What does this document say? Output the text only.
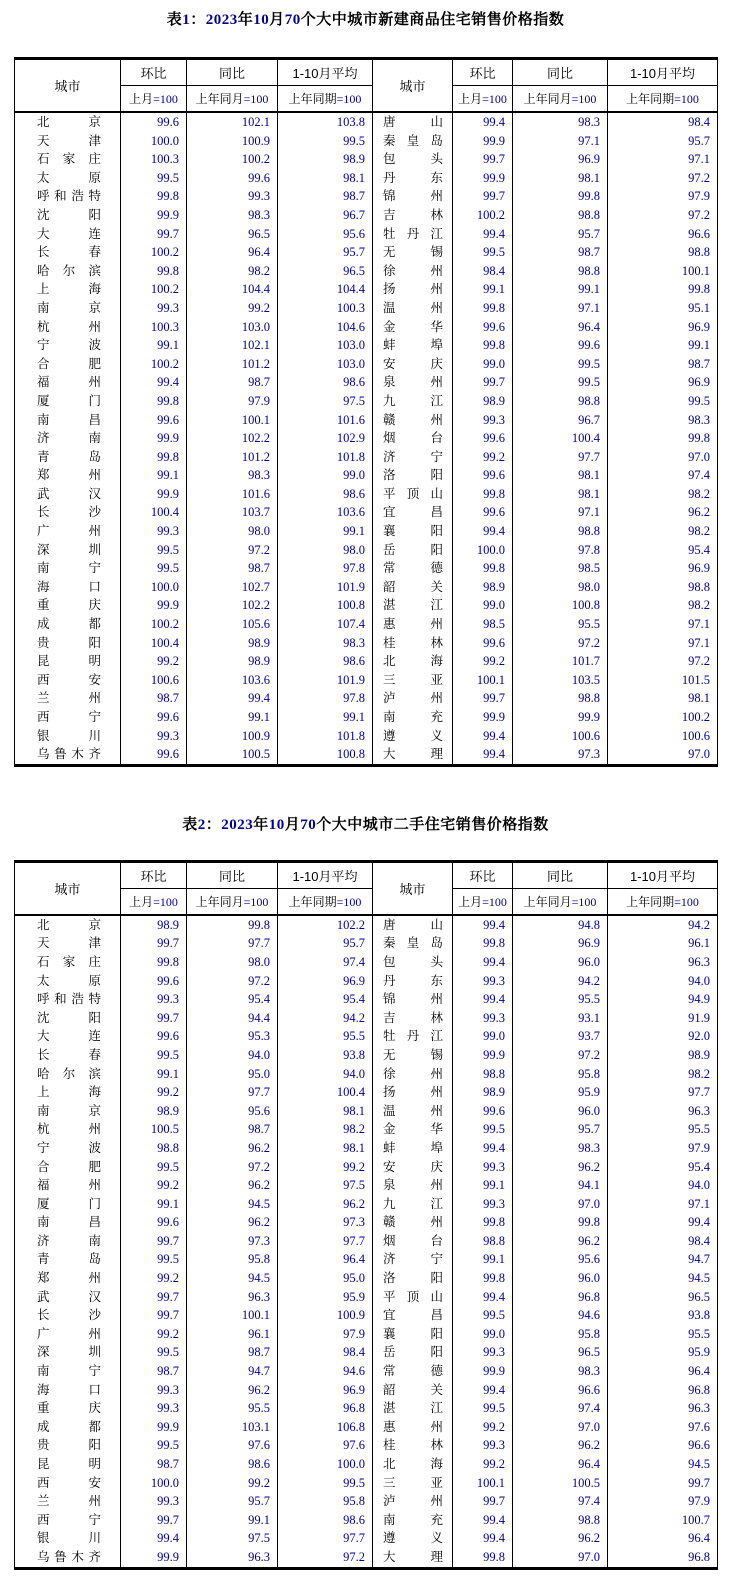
表1：2023年10月70个大中城市新建商品住宅销售价格指数
城市	环比	同比	1-10月平均	城市	环比	同比	1-10月平均
	上月=100	上年同月=100	上年同期=100		上月=100	上年同月=100	上年同期=100
北京	99.6	102.1	103.8	唐山	99.4	98.3	98.4
天津	100.0	100.9	99.5	秦皇岛	99.9	97.1	95.7
石家庄	100.3	100.2	98.9	包头	99.7	96.9	97.1
太原	99.5	99.6	98.1	丹东	99.9	98.1	97.2
呼和浩特	99.8	99.3	98.7	锦州	99.7	99.8	97.9
沈阳	99.9	98.3	96.7	吉林	100.2	98.8	97.2
大连	99.7	96.5	95.6	牡丹江	99.4	95.7	96.6
长春	100.2	96.4	95.7	无锡	99.5	98.7	98.8
哈尔滨	99.8	98.2	96.5	徐州	98.4	98.8	100.1
上海	100.2	104.4	104.4	扬州	99.1	99.1	99.8
南京	99.3	99.2	100.3	温州	99.8	97.1	95.1
杭州	100.3	103.0	104.6	金华	99.6	96.4	96.9
宁波	99.1	102.1	103.0	蚌埠	99.8	99.6	99.1
合肥	100.2	101.2	103.0	安庆	99.0	99.5	98.7
福州	99.4	98.7	98.6	泉州	99.7	99.5	96.9
厦门	99.8	97.9	97.5	九江	98.9	98.8	99.5
南昌	99.6	100.1	101.6	赣州	99.3	96.7	98.3
济南	99.9	102.2	102.9	烟台	99.6	100.4	99.8
青岛	99.8	101.2	101.8	济宁	99.2	97.7	97.0
郑州	99.1	98.3	99.0	洛阳	99.6	98.1	97.4
武汉	99.9	101.6	98.6	平顶山	99.8	98.1	98.2
长沙	100.4	103.7	103.6	宜昌	99.6	97.1	96.2
广州	99.3	98.0	99.1	襄阳	99.4	98.8	98.2
深圳	99.5	97.2	98.0	岳阳	100.0	97.8	95.4
南宁	99.5	98.7	97.8	常德	99.8	98.5	96.9
海口	100.0	102.7	101.9	韶关	98.9	98.0	98.8
重庆	99.9	102.2	100.8	湛江	99.0	100.8	98.2
成都	100.2	105.6	107.4	惠州	98.5	95.5	97.1
贵阳	100.4	98.9	98.3	桂林	99.6	97.2	97.1
昆明	99.2	98.9	98.6	北海	99.2	101.7	97.2
西安	100.6	103.6	101.9	三亚	100.1	103.5	101.5
兰州	98.7	99.4	97.8	泸州	99.7	98.8	98.1
西宁	99.6	99.1	99.1	南充	99.9	99.9	100.2
银川	99.3	100.9	101.8	遵义	99.4	100.6	100.6
乌鲁木齐	99.6	100.5	100.8	大理	99.4	97.3	97.0
表2：2023年10月70个大中城市二手住宅销售价格指数
城市	环比	同比	1-10月平均	城市	环比	同比	1-10月平均
	上月=100	上年同月=100	上年同期=100		上月=100	上年同月=100	上年同期=100
北京	98.9	99.8	102.2	唐山	99.4	94.8	94.2
天津	99.7	97.7	95.7	秦皇岛	99.8	96.9	96.1
石家庄	99.8	98.0	97.4	包头	99.4	96.0	96.3
太原	99.6	97.2	96.9	丹东	99.3	94.2	94.0
呼和浩特	99.3	95.4	95.4	锦州	99.4	95.5	94.9
沈阳	99.7	94.4	94.2	吉林	99.3	93.1	91.9
大连	99.6	95.3	95.5	牡丹江	99.0	93.7	92.0
长春	99.5	94.0	93.8	无锡	99.9	97.2	98.9
哈尔滨	99.1	95.0	94.0	徐州	98.8	95.8	98.2
上海	99.2	97.7	100.4	扬州	98.9	95.9	97.7
南京	98.9	95.6	98.1	温州	99.6	96.0	96.3
杭州	100.5	98.7	98.2	金华	99.5	95.7	95.5
宁波	98.8	96.2	98.1	蚌埠	99.4	98.3	97.9
合肥	99.5	97.2	99.2	安庆	99.3	96.2	95.4
福州	99.2	96.2	97.5	泉州	99.1	94.1	94.0
厦门	99.1	94.5	96.2	九江	99.3	97.0	97.1
南昌	99.6	96.2	97.3	赣州	99.8	99.8	99.4
济南	99.7	97.3	97.7	烟台	98.8	96.2	98.4
青岛	99.5	95.8	96.4	济宁	99.1	95.6	94.7
郑州	99.2	94.5	95.0	洛阳	99.8	96.0	94.5
武汉	99.7	96.3	95.9	平顶山	99.4	96.8	96.5
长沙	99.7	100.1	100.9	宜昌	99.5	94.6	93.8
广州	99.2	96.1	97.9	襄阳	99.0	95.8	95.5
深圳	99.5	98.7	98.4	岳阳	99.3	96.5	95.9
南宁	98.7	94.7	94.6	常德	99.9	98.3	96.4
海口	99.3	96.2	96.9	韶关	99.4	96.6	96.8
重庆	99.3	95.5	96.8	湛江	99.5	97.4	96.3
成都	99.9	103.1	106.8	惠州	99.2	97.0	97.6
贵阳	99.5	97.6	97.6	桂林	99.3	96.2	96.6
昆明	98.7	98.6	100.0	北海	99.2	96.4	94.5
西安	100.0	99.2	99.5	三亚	100.1	100.5	99.7
兰州	99.3	95.7	95.8	泸州	99.7	97.4	97.9
西宁	99.7	99.1	98.6	南充	99.4	98.8	100.7
银川	99.4	97.5	97.7	遵义	99.4	96.2	96.4
乌鲁木齐	99.9	96.3	97.2	大理	99.8	97.0	96.8
